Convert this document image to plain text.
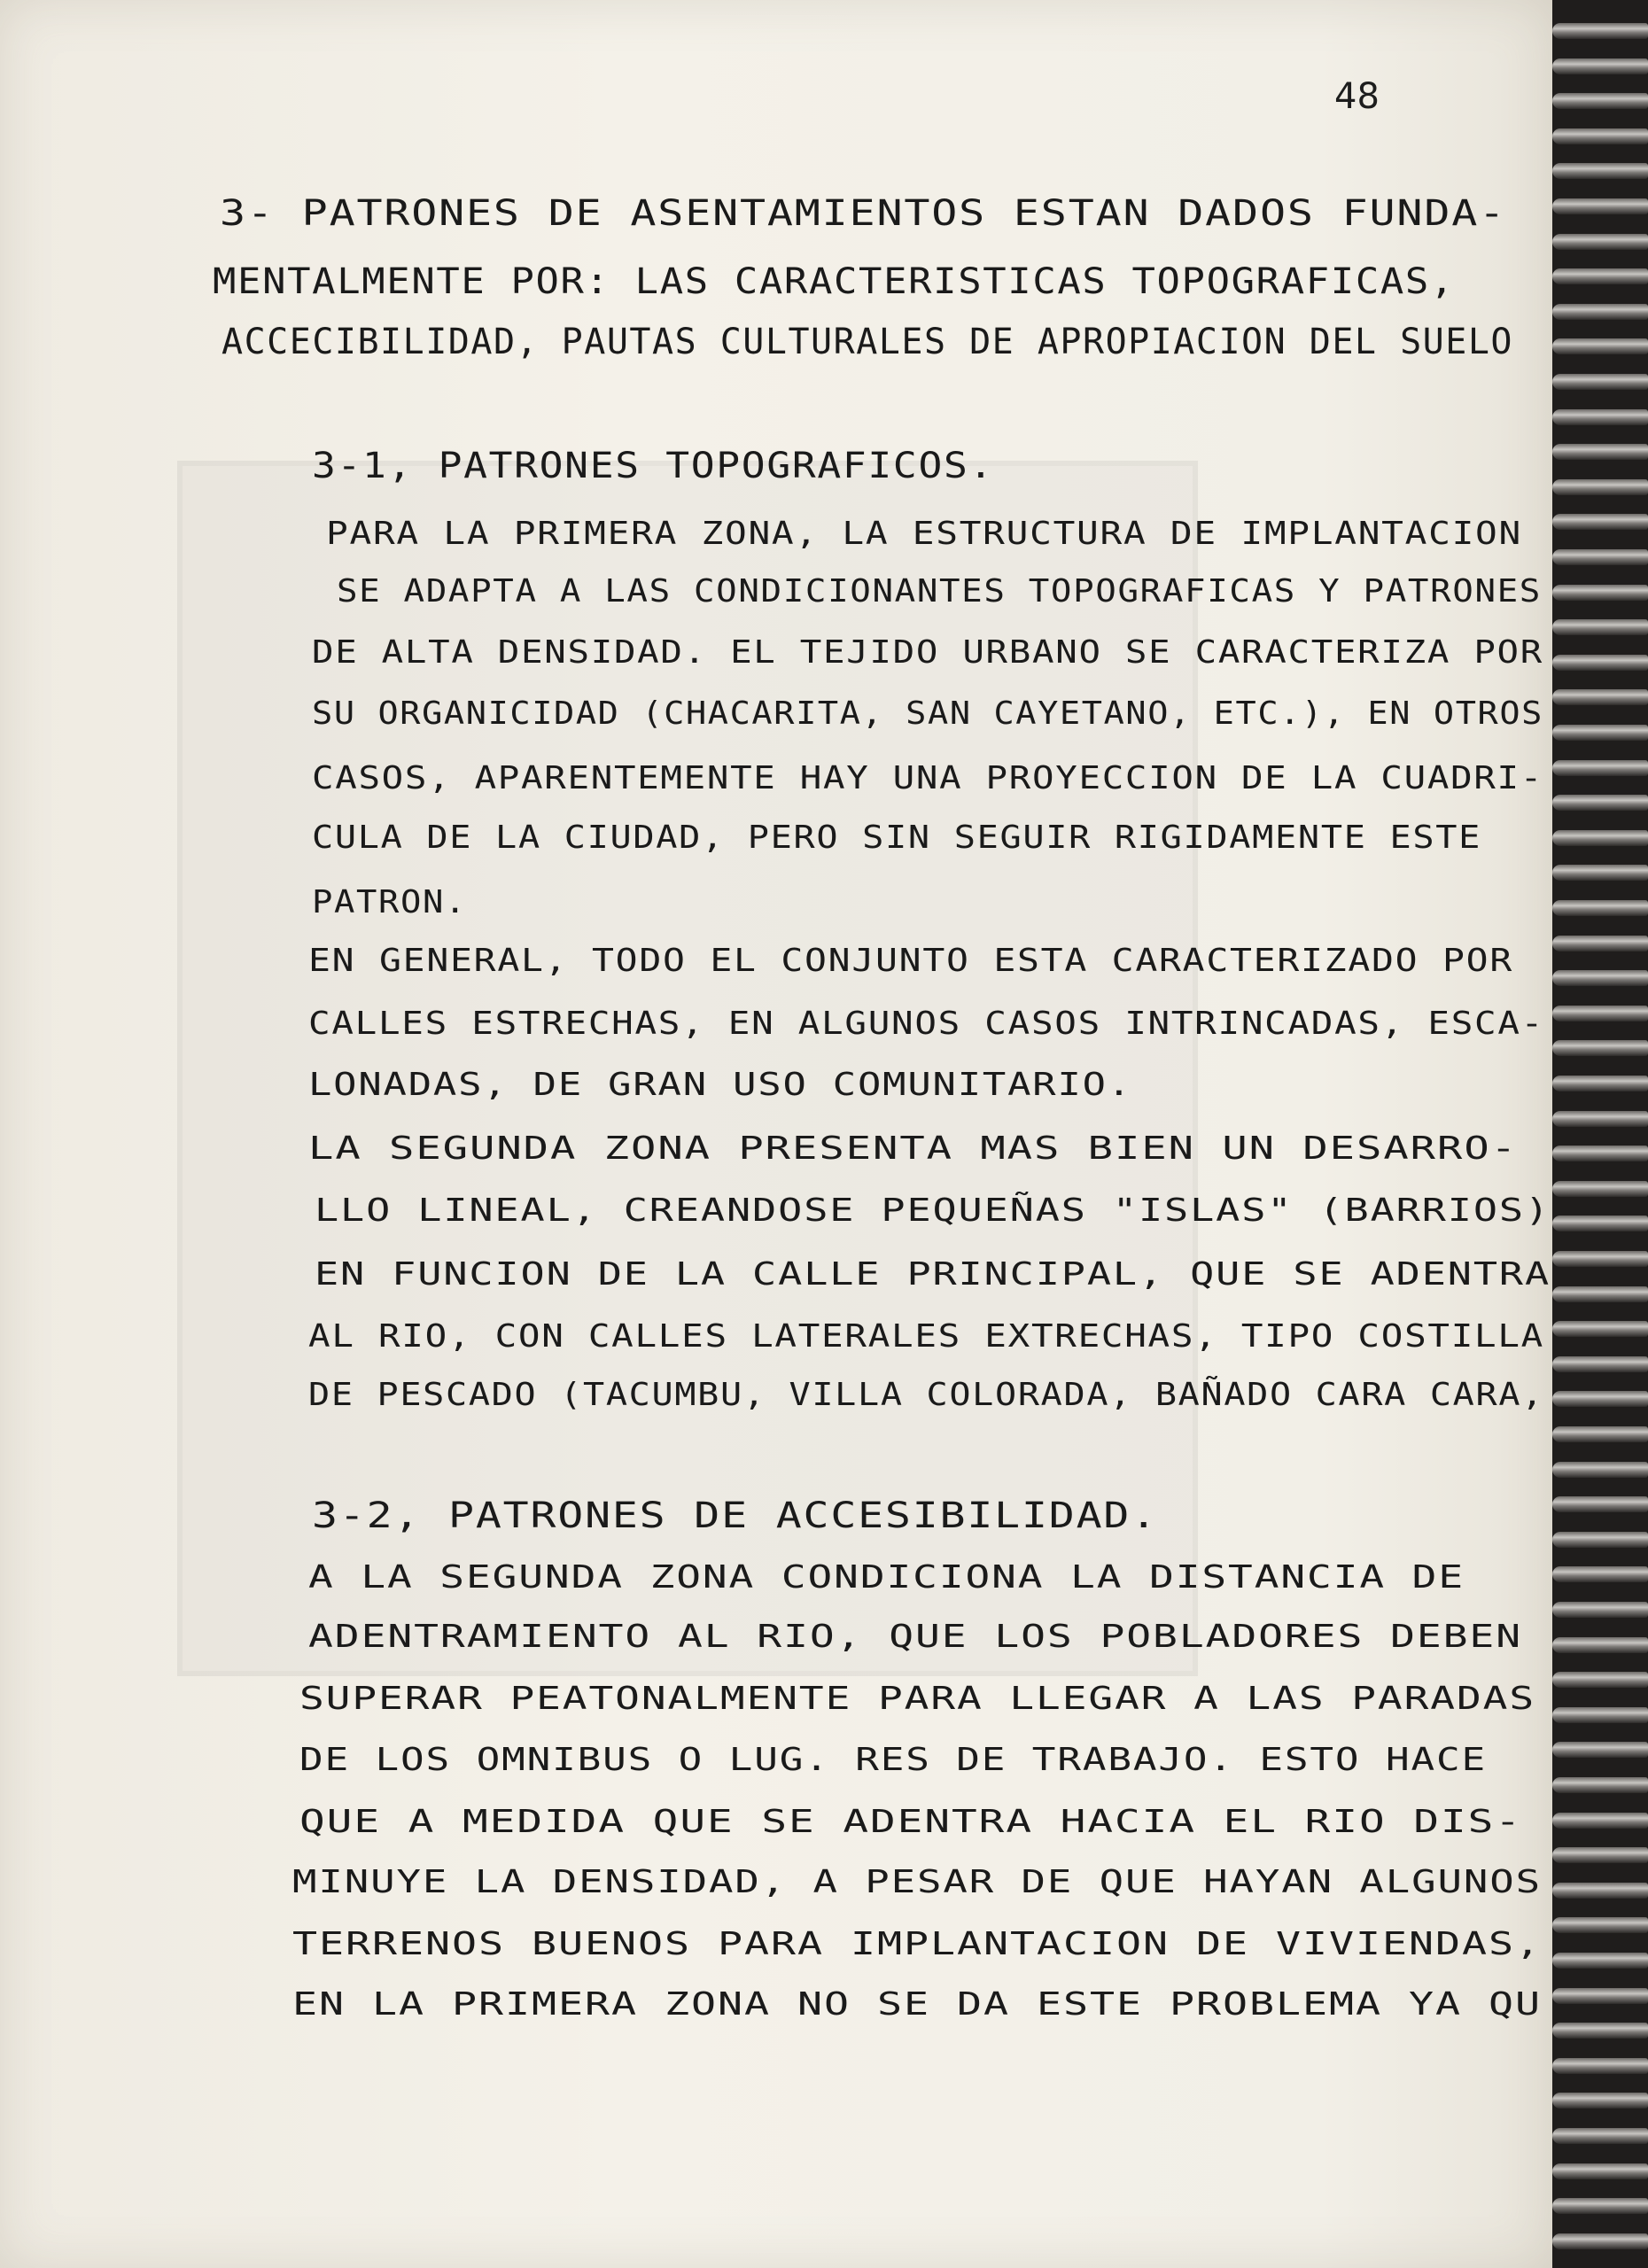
48

3- PATRONES DE ASENTAMIENTOS ESTAN DADOS FUNDA-

MENTALMENTE POR: LAS CARACTERISTICAS TOPOGRAFICAS,

ACCECIBILIDAD, PAUTAS CULTURALES DE APROPIACION DEL SUELO

3-1, PATRONES TOPOGRAFICOS.

PARA LA PRIMERA ZONA, LA ESTRUCTURA DE IMPLANTACION

SE ADAPTA A LAS CONDICIONANTES TOPOGRAFICAS Y PATRONES

DE ALTA DENSIDAD. EL TEJIDO URBANO SE CARACTERIZA POR

SU ORGANICIDAD (CHACARITA, SAN CAYETANO, ETC.), EN OTROS

CASOS, APARENTEMENTE HAY UNA PROYECCION DE LA CUADRI-

CULA DE LA CIUDAD, PERO SIN SEGUIR RIGIDAMENTE ESTE

PATRON.

EN GENERAL, TODO EL CONJUNTO ESTA CARACTERIZADO POR

CALLES ESTRECHAS, EN ALGUNOS CASOS INTRINCADAS, ESCA-

LONADAS, DE GRAN USO COMUNITARIO.

LA SEGUNDA ZONA PRESENTA MAS BIEN UN DESARRO-

LLO LINEAL, CREANDOSE PEQUEÑAS "ISLAS" (BARRIOS)

EN FUNCION DE LA CALLE PRINCIPAL, QUE SE ADENTRA

AL RIO, CON CALLES LATERALES EXTRECHAS, TIPO COSTILLA

DE PESCADO (TACUMBU, VILLA COLORADA, BAÑADO CARA CARA,

3-2, PATRONES DE ACCESIBILIDAD.

A LA SEGUNDA ZONA CONDICIONA LA DISTANCIA DE

ADENTRAMIENTO AL RIO, QUE LOS POBLADORES DEBEN

SUPERAR PEATONALMENTE PARA LLEGAR A LAS PARADAS

DE LOS OMNIBUS O LUG. RES DE TRABAJO. ESTO HACE

QUE A MEDIDA QUE SE ADENTRA HACIA EL RIO DIS-

MINUYE LA DENSIDAD, A PESAR DE QUE HAYAN ALGUNOS

TERRENOS BUENOS PARA IMPLANTACION DE VIVIENDAS,

EN LA PRIMERA ZONA NO SE DA ESTE PROBLEMA YA QU
